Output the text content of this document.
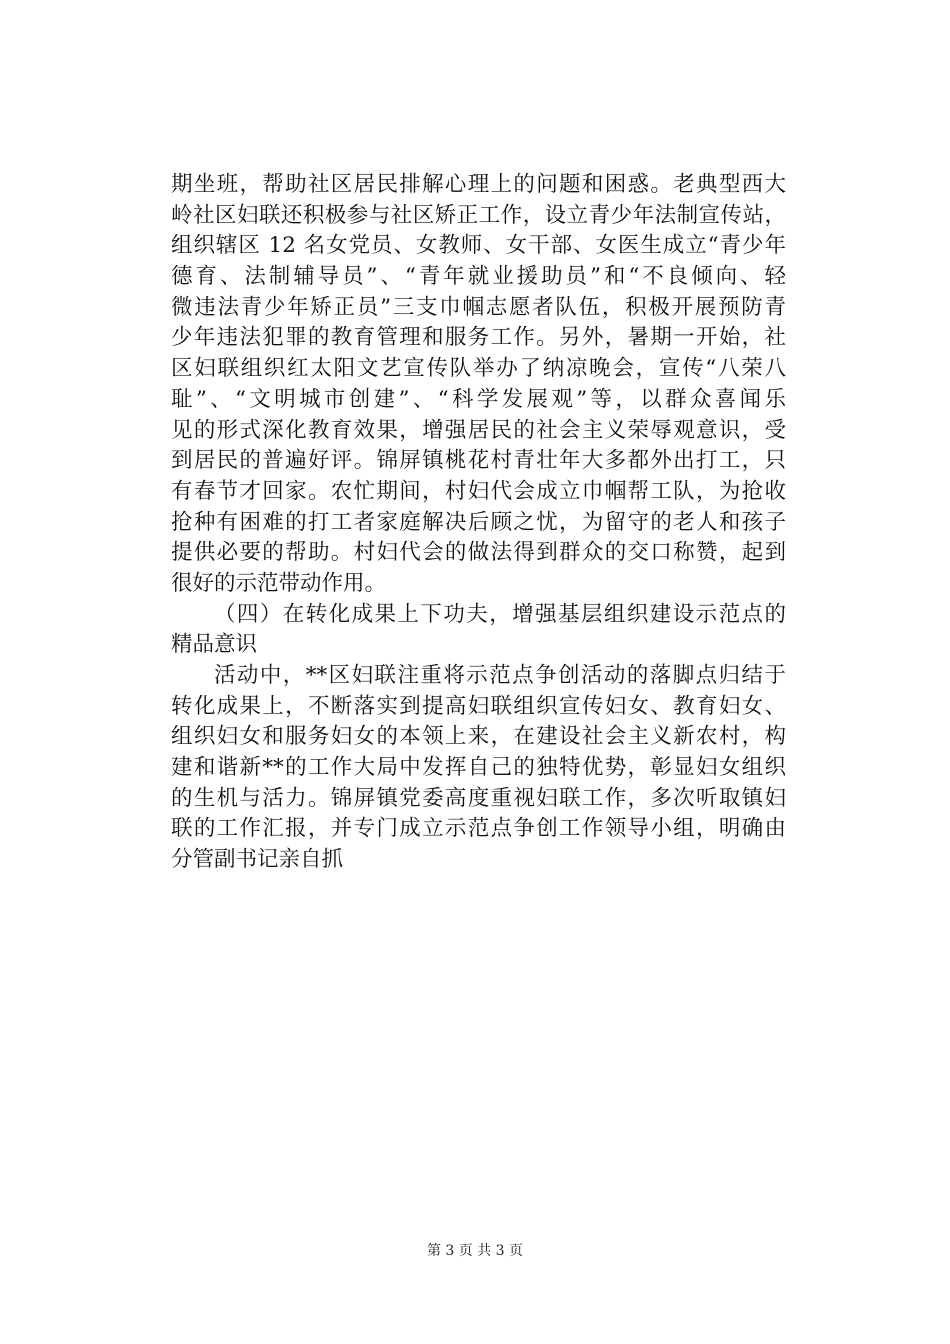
期坐班，帮助社区居民排解心理上的问题和困惑。老典型西大
岭社区妇联还积极参与社区矫正工作，设立青少年法制宣传站，
组织辖区 12 名女党员、女教师、女干部、女医生成立“青少年
德育、法制辅导员”、“青年就业援助员”和“不良倾向、轻
微违法青少年矫正员”三支巾帼志愿者队伍，积极开展预防青
少年违法犯罪的教育管理和服务工作。另外，暑期一开始，社
区妇联组织红太阳文艺宣传队举办了纳凉晚会，宣传“八荣八
耻”、“文明城市创建”、“科学发展观”等，以群众喜闻乐
见的形式深化教育效果，增强居民的社会主义荣辱观意识，受
到居民的普遍好评。锦屏镇桃花村青壮年大多都外出打工，只
有春节才回家。农忙期间，村妇代会成立巾帼帮工队，为抢收
抢种有困难的打工者家庭解决后顾之忧，为留守的老人和孩子
提供必要的帮助。村妇代会的做法得到群众的交口称赞，起到
很好的示范带动作用。
（四）在转化成果上下功夫，增强基层组织建设示范点的
精品意识
活动中，**区妇联注重将示范点争创活动的落脚点归结于
转化成果上，不断落实到提高妇联组织宣传妇女、教育妇女、
组织妇女和服务妇女的本领上来，在建设社会主义新农村，构
建和谐新**的工作大局中发挥自己的独特优势，彰显妇女组织
的生机与活力。锦屏镇党委高度重视妇联工作，多次听取镇妇
联的工作汇报，并专门成立示范点争创工作领导小组，明确由
分管副书记亲自抓
第 3 页 共 3 页
